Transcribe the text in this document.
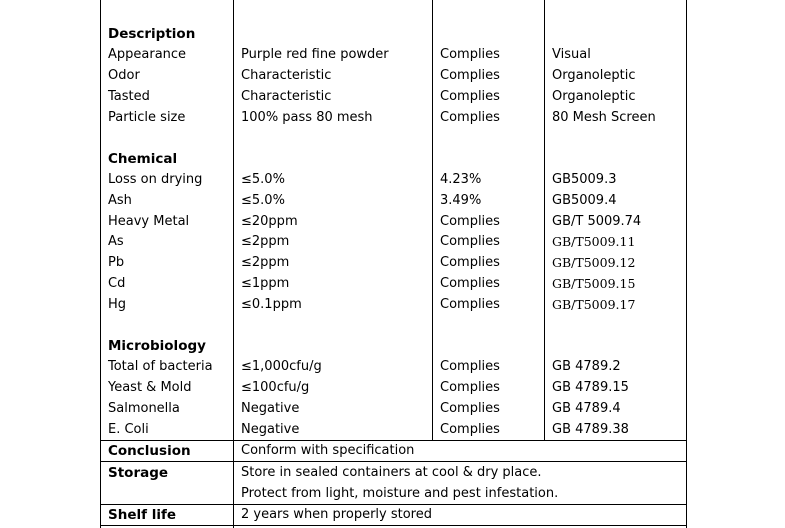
Description
Appearance	Purple red fine powder	Complies	Visual
Odor	Characteristic	Complies	Organoleptic
Tasted	Characteristic	Complies	Organoleptic
Particle size	100% pass 80 mesh	Complies	80 Mesh Screen
Chemical
Loss on drying	≤5.0%	4.23%	GB5009.3
Ash	≤5.0%	3.49%	GB5009.4
Heavy Metal	≤20ppm	Complies	GB/T 5009.74
As	≤2ppm	Complies	GB/T5009.11
Pb	≤2ppm	Complies	GB/T5009.12
Cd	≤1ppm	Complies	GB/T5009.15
Hg	≤0.1ppm	Complies	GB/T5009.17
Microbiology
Total of bacteria ≤1,000cfu/g	Complies	GB 4789.2
Yeast & Mold	≤100cfu/g	Complies	GB 4789.15
Salmonella	Negative	Complies	GB 4789.4
E. Coli	Negative	Complies	GB 4789.38
Conclusion	Conform with specification
Storage	Store in sealed containers at cool & dry place.
Protect from light, moisture and pest infestation.
Shelf life	2 years when properly stored
